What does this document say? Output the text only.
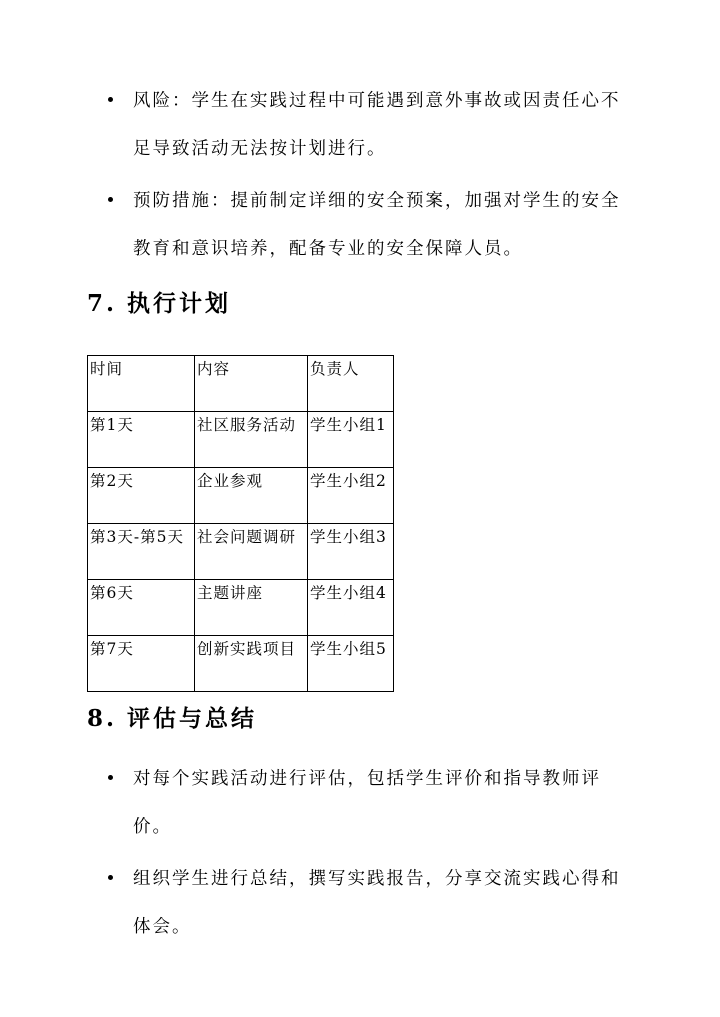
风险：学生在实践过程中可能遇到意外事故或因责任心不足导致活动无法按计划进行。
预防措施：提前制定详细的安全预案，加强对学生的安全教育和意识培养，配备专业的安全保障人员。
7. 执行计划
时间	内容	负责人
第1天	社区服务活动	学生小组1
第2天	企业参观	学生小组2
第3天-第5天	社会问题调研	学生小组3
第6天	主题讲座	学生小组4
第7天	创新实践项目	学生小组5
8. 评估与总结
对每个实践活动进行评估，包括学生评价和指导教师评价。
组织学生进行总结，撰写实践报告，分享交流实践心得和体会。
